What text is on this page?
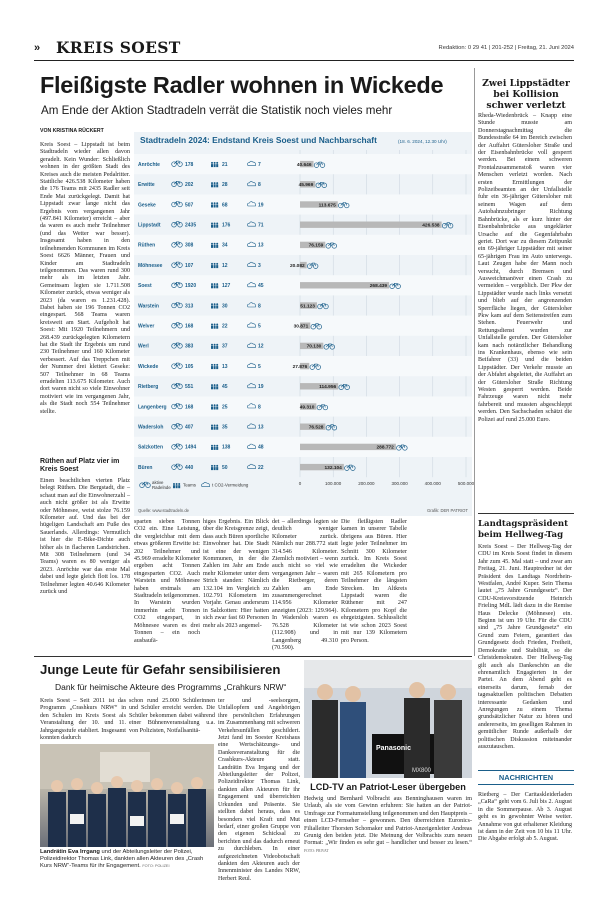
» KREIS SOEST	Redaktion: 0 29 41 | 201-252 | Freitag, 21. Juni 2024
Fleißigste Radler wohnen in Wickede
Am Ende der Aktion Stadtradeln verrät die Statistik noch vieles mehr
VON KRISTINA RÜCKERT

Kreis Soest – Lippstadt ist beim Stadtradeln wieder allen davon geradelt. Kein Wunder: Schließlich wohnen in der größten Stadt des Kreises auch die meisten Pedalritter. Stattliche 426.538 Kilometer haben die 176 Teams mit 2435 Radler seit Ende Mai zurückgelegt. Damit hat Lippstadt zwar lange nicht das Ergebnis vom vergangenen Jahr (497.841 Kilometer) erreicht – aber da waren es auch mehr Teilnehmer (und das Wetter war besser). Insgesamt haben in den teilnehmenden Kommunen im Kreis Soest 6626 Männer, Frauen und Kinder am Stadtradeln teilgenommen. Das waren rund 300 mehr als im letzten Jahr. Gemeinsam legten sie 1.711.508 Kilometer zurück, etwas weniger als 2023 (da waren es 1.231.428). Dabei haben sie 196 Tonnen CO2 eingespart. 568 Teams waren kreisweit am Start. Aufgeholt hat Soest: Mit 1920 Teilnehmern und 268.439 zurückgelegten Kilometern hat die Stadt ihr Ergebnis um rund 230 Teilnehmer und 160 Kilometer verbessert. Auf das Treppchen mit der Nummer drei klettert Geseke: 507 Teilnehmer in 68 Teams erradelten 113.675 Kilometer. Auch dort waren nicht so viele Einwohner motiviert wie im vergangenen Jahr, als die Stadt noch 554 Teilnehmer stellte.

Rüthen auf Platz vier im Kreis Soest

Einen beachtlichen vierten Platz belegt Rüthen. Die Bergstadt, die – schaut man auf die Einwohnerzahl – auch nicht größer ist als Erwitte oder Möhnesee, weist stolze 76.159 Kilometer auf. Und das bei der hügeligen Landschaft am Fuße des Sauerlands. Allerdings: Vermutlich ist hier die E-Bike-Dichte auch höher als in flacheren Landstrichen. Mit 308 Teilnehmern (und 34 Teams) waren es 80 weniger als 2023. Anröchte war das erste Mal dabei und legte gleich flott los. 178 Teilnehmer legten 40.646 Kilometer zurück und

Stadtradeln 2024: Endstand Kreis Soest und Nachbarschaft	(18. 6. 2024, 12.30 Uhr)
0	100.000	200.000	300.000	400.000	500.000
Anröchte	178	21	7	40.646
Erwitte	202	28	8	45.969
Geseke	507	68	19	113.675
Lippstadt	2435	176	71	426.538
Rüthen	308	34	13	76.159
Möhnesee	107	12	3	20.082
Soest	1920	127	45	268.439
Warstein	313	30	8	51.123
Welver	168	22	5	30.871
Werl	383	37	12	70.130
Wickede	105	13	5	27.876
Rietberg	551	45	19	114.956
Langenberg	168	25	8	49.310
Wadersloh	407	35	13	76.528
Salzkotten	1494	138	48	288.772
Büren	440	50	22	132.104
aktive
Radelnde	Teams	t CO2-Vermeidung
Quelle: www.stadtradeln.de	Grafik: DER PATRIOT

sparten sieben Tonnen CO2 ein. Eine Leistung, die vergleichbar mit dem etwas größeren Erwitte ist: 202 Teilnehmer und 45.969 erradelte Kilometer ergeben acht Tonnen eingesparten CO2. Auch Warstein und Möhnesee haben erstmals am Stadtradeln teilgenommen. In Warstein wurden immerhin acht Tonnen CO2 eingespart, in Möhnesee waren es drei Tonnen – ein noch ausbaufä-

higes Ergebnis. Ein Blick über die Kreisgrenze zeigt, dass auch Büren sportliche Einwohner hat. Die Stadt ist eine der wenigen Kommunen, in der die Zahlen im Jahr am Ende mehr Kilometer unter dem Strich standen: Nämlich 132.104 im Vergleich zu 102.791 Kilometern im Vorjahr. Genau andersrum in Salzkotten: Hier hatten sich zwar fast 60 Personen mehr als 2023 angemel-

det – allerdings legten sie deutlich weniger Kilometer zurück. Nämlich nur 288.772 statt 314.546 Kilometer. Ziemlich motiviert – wenn auch nicht so viel wie vergangenen Jahr – waren die Rietberger, deren Zahlen am Ende zusammengerechnet 114.956 Kilometer anzeigten (2023: 129.964). In Wadersloh waren es 76.528 Kilometer (112.908) und in Langenberg 49.310 (70.590).

Die fleißigsten Radler kamen in unserer Tabelle übrigens aus Büren. Hier legte jeder Teilnehmer im Schnitt 300 Kilometer zurück. Im Kreis Soest erradelten die Wickeder mit 265 Kilometern pro Teilnehmer die längsten Strecken. Im Altkreis Lippstadt waren die Rüthener mit 247 Kilometern pro Kopf die ehrgeizigsten. Schlusslicht ist wie schon 2023 Soest mit nur 139 Kilometern pro Person.

Zwei Lippstädter bei Kollision schwer verletzt

Rheda-Wiedenbrück – Knapp eine Stunde musste am Donnerstagnachmittag die Bundesstraße 64 im Bereich zwischen der Auffahrt Gütersloher Straße und der Eisenbahnbrücke voll gesperrt werden. Bei einem schweren Frontalzusammenstoß waren vier Menschen verletzt worden. Nach ersten Ermittlungen der Polizeibeamten an der Unfallstelle fuhr ein 36-jähriger Gütersloher mit seinem Wagen auf dem Autobahnzubringer Richtung Bahnbrücke, als er kurz hinter der Eisenbahnbrücke aus ungeklärter Ursache auf die Gegenfahrbahn geriet. Dort war zu diesem Zeitpunkt ein 69-jähriger Lippstädter mit seiner 65-jährigen Frau im Auto unterwegs. Laut Zeugen habe der Mann noch versucht, durch Bremsen und Ausweichmanöver einen Crash zu vermeiden – vergeblich. Der Pkw der Lippstädter wurde nach links versetzt und blieb auf der angrenzenden Sperrfläche liegen, der Gütersloher Pkw kam auf dem Seitenstreifen zum Stehen. Feuerwehr und Rettungsdienst wurden zur Unfallstelle gerufen. Der Gütersloher kam nach notärztlicher Behandlung ins Krankenhaus, ebenso wie sein Beifahrer (33) und die beiden Lippstädter. Der Verkehr musste an der Abfahrt abgeleitet, die Auffahrt an der Gütersloher Straße Richtung Westen gesperrt werden. Beide Fahrzeuge waren nicht mehr fahrbereit und mussten abgeschleppt werden. Den Sachschaden schätzt die Polizei auf rund 25.000 Euro.

Landtagspräsident beim Hellweg-Tag

Kreis Soest – Der Hellweg-Tag der CDU im Kreis Soest findet in diesem Jahr zum 45. Mal statt – und zwar am Freitag, 21. Juni. Hauptredner ist der Präsident des Landtags Nordrhein-Westfalen, André Kuper. Sein Thema lautet „75 Jahre Grundgesetz“. Der CDU-Kreisvorsitzende Heinrich Frieling MdL lädt dazu in die Remise Haus Delecke (Möhnesee) ein. Beginn ist um 19 Uhr. Für die CDU sind „75 Jahre Grundgesetz“ ein Grund zum Feiern, garantiert das Grundgesetz doch Frieden, Freiheit, Demokratie und Stabilität, so die Christdemokraten. Der Hellweg-Tag gilt auch als Dankeschön an die ehrenamtlich Engagierten in der Partei. An dem Abend geht es einerseits darum, fernab der tagesaktuellen politischen Debatten interessante Gedanken und Anregungen zu einem Thema grundsätzlicher Natur zu hören und andererseits, im geselligen Rahmen in gemütlicher Runde außerhalb der politischen Diskussion miteinander auszutauschen.

NACHRICHTEN

Rietberg – Der Caritaskleiderladen „CaRa“ geht vom 6. Juli bis 2. August in die Sommerpause. Ab 3. August geht es in gewohnter Weise weiter. Annahme von gut erhaltener Kleidung ist dann in der Zeit von 10 bis 11 Uhr. Die Abgabe erfolgt ab 5. August.

Junge Leute für Gefahr sensibilisieren
Dank für heimische Akteure des Programms „Crahkurs NRW“

Kreis Soest – Seit 2011 ist das Programm „Crashkurs NRW“ in den Schulen im Kreis Soest als Veranstaltung der 10. und 11. Jahrgangsstufe etabliert. Insgesamt konnten dadurch

schon rund 25.000 Schülerinnen und Schüler erreicht werden. Die Schüler bekommen dabei während einer Bühnenveranstaltung u.a. von Polizisten, Notfallsanitä-

ter und -seelsorgern, Unfallopfern und Angehörigen ihre persönlichen Erfahrungen im Zusammenhang mit schweren Verkehrsunfällen geschildert. Jetzt fand im Soester Kreishaus eine Wertschätzungs- und Dankesveranstaltung für die Crashkurs-Akteure statt. Landrätin Eva Irrgang und der Abteilungsleiter der Polizei, Polizeidirektor Thomas Link, dankten allen Akteuren für ihr Engagement und überreichten Urkunden und Präsente. Sie stellten dabei heraus, dass es besonders viel Kraft und Mut bedarf, einer großen Gruppe von den eigenen Schicksal zu berichten und das dadurch erneut zu durchleben. In einer aufgezeichneten Videobotschaft dankten den Akteuren auch der Innenminister des Landes NRW, Herbert Reul.

Landrätin Eva Irrgang und der Abteilungsleiter der Polizei, Polizeidirektor Thomas Link, dankten allen Akteuren des „Crash Kurs NRW“-Teams für ihr Engagement. FOTO: POLIZEI
Panasonic
MX800
LCD-TV an Patriot-Leser übergeben

Hedwig und Bernhard Volbracht aus Benninghausen waren im Urlaub, als sie vom Gewinn erfuhren: Sie hatten an der Patriot-Umfrage zur Formatumstellung teilgenommen und den Hauptpreis – einen LCD-Fernseher – gewonnen. Den überreichten Euronics-Filialleiter Thorsten Schomaker und Patriot-Anzeigenleiter Andreas Grunig den beiden jetzt. Die Meinung der Volbrachts zum neuen Format: „Wir finden es sehr gut – handlicher und besser zu lesen.“ FOTO: PRIVAT
